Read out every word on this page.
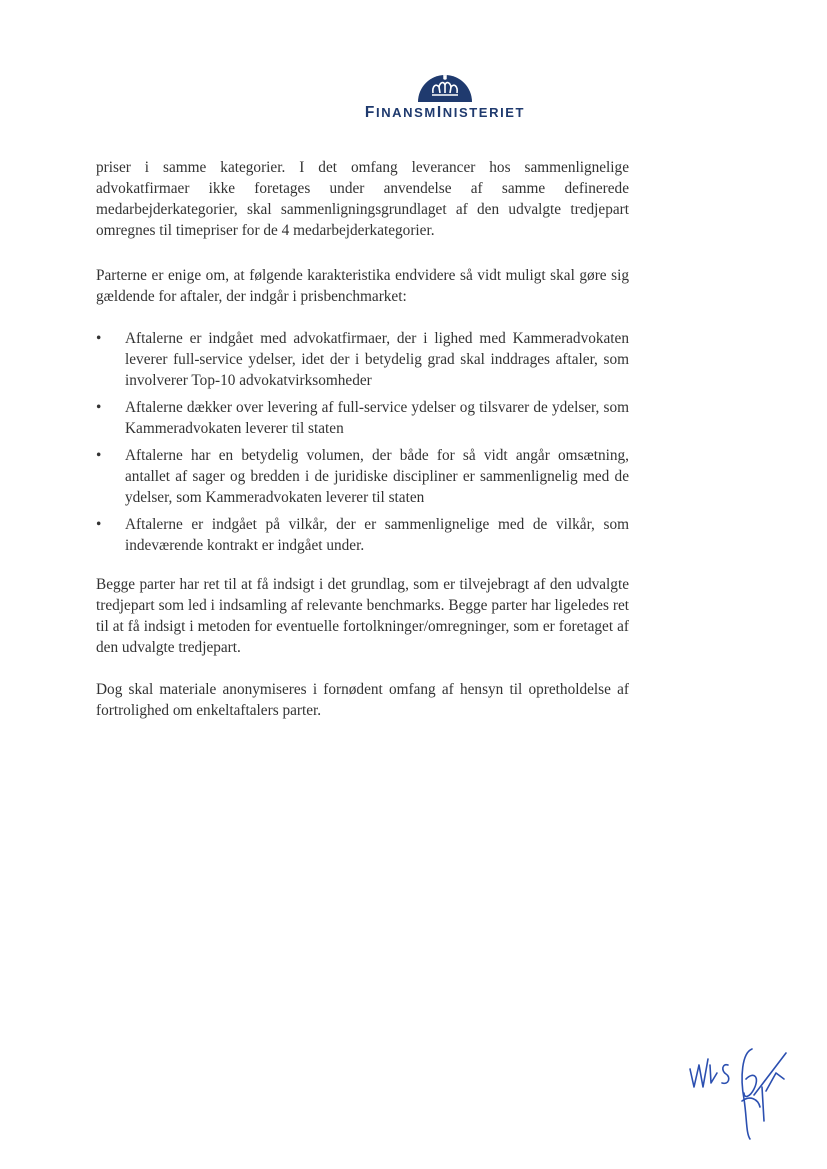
FINANSMINISTERIET

priser i samme kategorier. I det omfang leverancer hos sammenlignelige advokatfirmaer ikke foretages under anvendelse af samme definerede medarbejderkategorier, skal sammenligningsgrundlaget af den udvalgte tredjepart omregnes til timepriser for de 4 medarbejderkategorier.

Parterne er enige om, at følgende karakteristika endvidere så vidt muligt skal gøre sig gældende for aftaler, der indgår i prisbenchmarket:

• Aftalerne er indgået med advokatfirmaer, der i lighed med Kammeradvokaten leverer full-service ydelser, idet der i betydelig grad skal inddrages aftaler, som involverer Top-10 advokatvirksomheder
• Aftalerne dækker over levering af full-service ydelser og tilsvarer de ydelser, som Kammeradvokaten leverer til staten
• Aftalerne har en betydelig volumen, der både for så vidt angår omsætning, antallet af sager og bredden i de juridiske discipliner er sammenlignelig med de ydelser, som Kammeradvokaten leverer til staten
• Aftalerne er indgået på vilkår, der er sammenlignelige med de vilkår, som indeværende kontrakt er indgået under.

Begge parter har ret til at få indsigt i det grundlag, som er tilvejebragt af den udvalgte tredjepart som led i indsamling af relevante benchmarks. Begge parter har ligeledes ret til at få indsigt i metoden for eventuelle fortolkninger/omregninger, som er foretaget af den udvalgte tredjepart.

Dog skal materiale anonymiseres i fornødent omfang af hensyn til opretholdelse af fortrolighed om enkeltaftalers parter.
